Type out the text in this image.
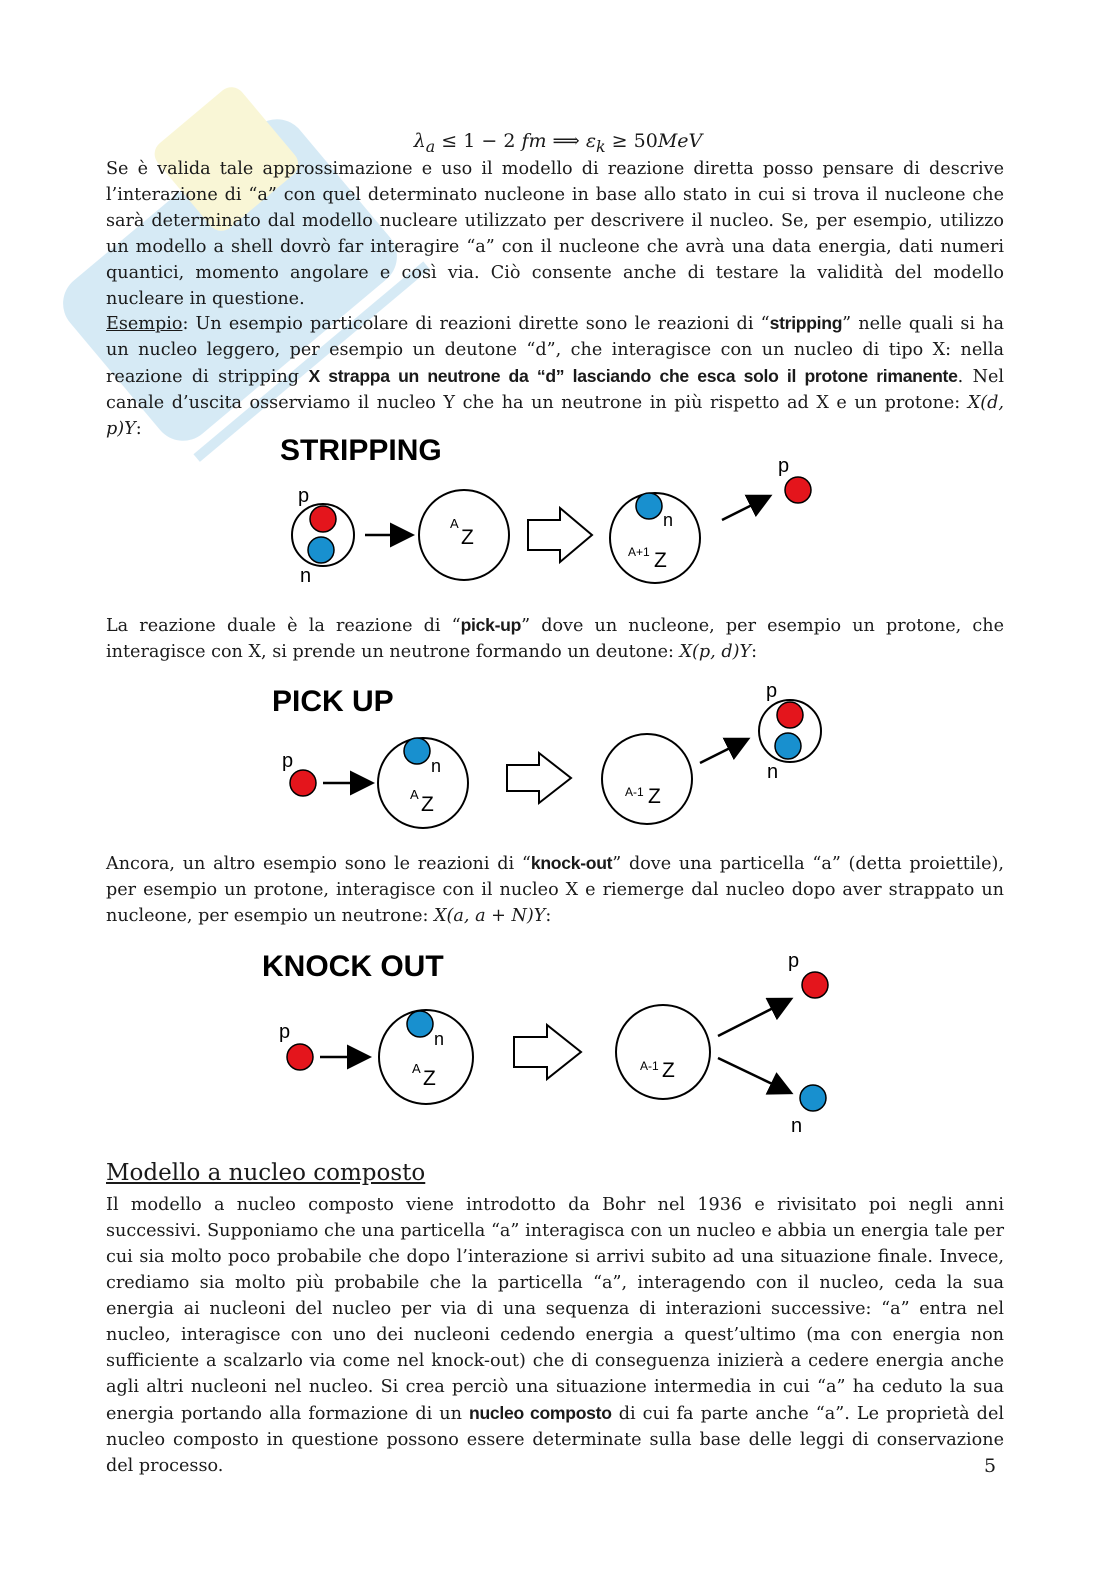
$\lambda_a \le 1 - 2$ fm ⟹ $\varepsilon_k \ge 50MeV$

Se è valida tale approssimazione e uso il modello di reazione diretta posso pensare di descrive l’interazione di “a” con quel determinato nucleone in base allo stato in cui si trova il nucleone che sarà determinato dal modello nucleare utilizzato per descrivere il nucleo. Se, per esempio, utilizzo un modello a shell dovrò far interagire “a” con il nucleone che avrà una data energia, dati numeri quantici, momento angolare e così via. Ciò consente anche di testare la validità del modello nucleare in questione.

Esempio: Un esempio particolare di reazioni dirette sono le reazioni di “stripping” nelle quali si ha un nucleo leggero, per esempio un deutone “d”, che interagisce con un nucleo di tipo X: nella reazione di stripping X strappa un neutrone da “d” lasciando che esca solo il protone rimanente. Nel canale d’uscita osserviamo il nucleo Y che ha un neutrone in più rispetto ad X e un protone: X(d, p)Y:

STRIPPING
p
n
A
Z
n
A+1 Z
p

La reazione duale è la reazione di “pick-up” dove un nucleone, per esempio un protone, che interagisce con X, si prende un neutrone formando un deutone: X(p, d)Y:

PICK UP
p	n
A Z
A-1 Z
p
n

Ancora, un altro esempio sono le reazioni di “knock-out” dove una particella “a” (detta proiettile), per esempio un protone, interagisce con il nucleo X e riemerge dal nucleo dopo aver strappato un nucleone, per esempio un neutrone: X(a, a + N)Y:

KNOCK OUT
p	n
A Z
A-1 Z
p
n
Modello a nucleo composto

Il modello a nucleo composto viene introdotto da Bohr nel 1936 e rivisitato poi negli anni successivi. Supponiamo che una particella “a” interagisca con un nucleo e abbia un energia tale per cui sia molto poco probabile che dopo l’interazione si arrivi subito ad una situazione finale. Invece, crediamo sia molto più probabile che la particella “a”, interagendo con il nucleo, ceda la sua energia ai nucleoni del nucleo per via di una sequenza di interazioni successive: “a” entra nel nucleo, interagisce con uno dei nucleoni cedendo energia a quest’ultimo (ma con energia non sufficiente a scalzarlo via come nel knock-out) che di conseguenza inizierà a cedere energia anche agli altri nucleoni nel nucleo. Si crea perciò una situazione intermedia in cui “a” ha ceduto la sua energia portando alla formazione di un nucleo composto di cui fa parte anche “a”. Le proprietà del nucleo composto in questione possono essere determinate sulla base delle leggi di conservazione del processo.	5
